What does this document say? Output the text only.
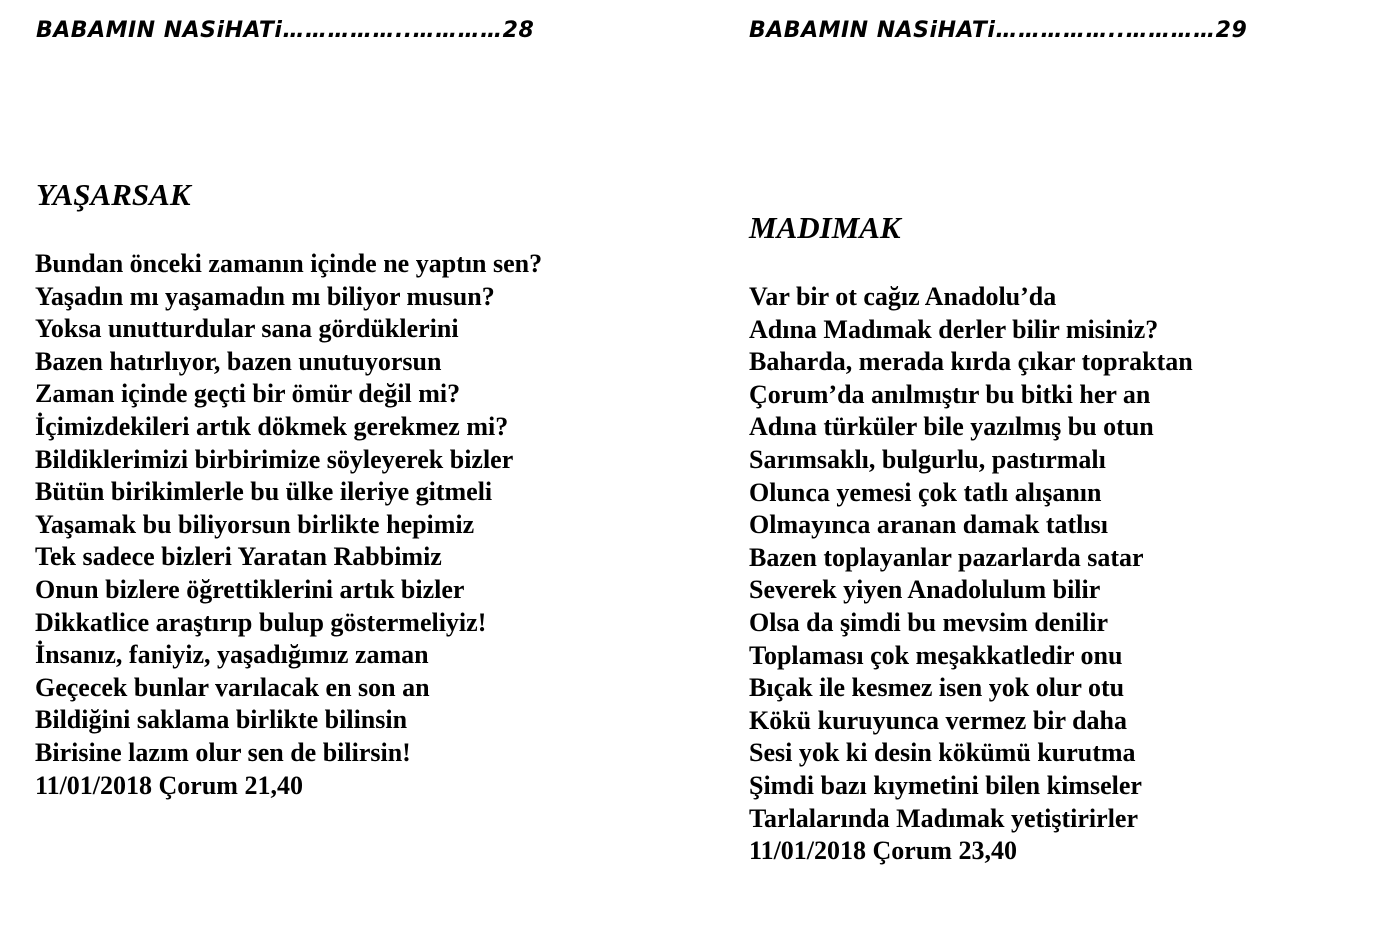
BABAMIN NASiHATi……………..…………28
YAŞARSAK
Bundan önceki zamanın içinde ne yaptın sen?
Yaşadın mı yaşamadın mı biliyor musun?
Yoksa unutturdular sana gördüklerini
Bazen hatırlıyor, bazen unutuyorsun
Zaman içinde geçti bir ömür değil mi?
İçimizdekileri artık dökmek gerekmez mi?
Bildiklerimizi birbirimize söyleyerek bizler
Bütün birikimlerle bu ülke ileriye gitmeli
Yaşamak bu biliyorsun birlikte hepimiz
Tek sadece bizleri Yaratan Rabbimiz
Onun bizlere öğrettiklerini artık bizler
Dikkatlice araştırıp bulup göstermeliyiz!
İnsanız, faniyiz, yaşadığımız zaman
Geçecek bunlar varılacak en son an
Bildiğini saklama birlikte bilinsin
Birisine lazım olur sen de bilirsin!
11/01/2018 Çorum 21,40
BABAMIN NASiHATi……………..…………29
MADIMAK
Var bir ot cağız Anadolu’da
Adına Madımak derler bilir misiniz?
Baharda, merada kırda çıkar topraktan
Çorum’da anılmıştır bu bitki her an
Adına türküler bile yazılmış bu otun
Sarımsaklı, bulgurlu, pastırmalı
Olunca yemesi çok tatlı alışanın
Olmayınca aranan damak tatlısı
Bazen toplayanlar pazarlarda satar
Severek yiyen Anadolulum bilir
Olsa da şimdi bu mevsim denilir
Toplaması çok meşakkatledir onu
Bıçak ile kesmez isen yok olur otu
Kökü kuruyunca vermez bir daha
Sesi yok ki desin kökümü kurutma
Şimdi bazı kıymetini bilen kimseler
Tarlalarında Madımak yetiştirirler
11/01/2018 Çorum 23,40
